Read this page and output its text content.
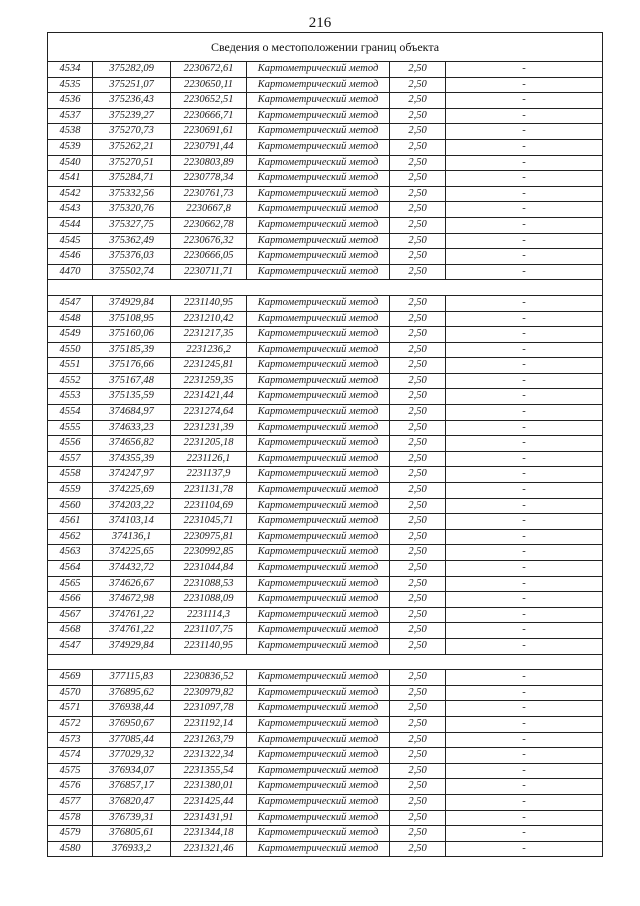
216
Сведения о местоположении границ объекта					
4534	375282,09	2230672,61	Картометрический метод	2,50	-
4535	375251,07	2230650,11	Картометрический метод	2,50	-
4536	375236,43	2230652,51	Картометрический метод	2,50	-
4537	375239,27	2230666,71	Картометрический метод	2,50	-
4538	375270,73	2230691,61	Картометрический метод	2,50	-
4539	375262,21	2230791,44	Картометрический метод	2,50	-
4540	375270,51	2230803,89	Картометрический метод	2,50	-
4541	375284,71	2230778,34	Картометрический метод	2,50	-
4542	375332,56	2230761,73	Картометрический метод	2,50	-
4543	375320,76	2230667,8	Картометрический метод	2,50	-
4544	375327,75	2230662,78	Картометрический метод	2,50	-
4545	375362,49	2230676,32	Картометрический метод	2,50	-
4546	375376,03	2230666,05	Картометрический метод	2,50	-
4470	375502,74	2230711,71	Картометрический метод	2,50	-

4547	374929,84	2231140,95	Картометрический метод	2,50	-
4548	375108,95	2231210,42	Картометрический метод	2,50	-
4549	375160,06	2231217,35	Картометрический метод	2,50	-
4550	375185,39	2231236,2	Картометрический метод	2,50	-
4551	375176,66	2231245,81	Картометрический метод	2,50	-
4552	375167,48	2231259,35	Картометрический метод	2,50	-
4553	375135,59	2231421,44	Картометрический метод	2,50	-
4554	374684,97	2231274,64	Картометрический метод	2,50	-
4555	374633,23	2231231,39	Картометрический метод	2,50	-
4556	374656,82	2231205,18	Картометрический метод	2,50	-
4557	374355,39	2231126,1	Картометрический метод	2,50	-
4558	374247,97	2231137,9	Картометрический метод	2,50	-
4559	374225,69	2231131,78	Картометрический метод	2,50	-
4560	374203,22	2231104,69	Картометрический метод	2,50	-
4561	374103,14	2231045,71	Картометрический метод	2,50	-
4562	374136,1	2230975,81	Картометрический метод	2,50	-
4563	374225,65	2230992,85	Картометрический метод	2,50	-
4564	374432,72	2231044,84	Картометрический метод	2,50	-
4565	374626,67	2231088,53	Картометрический метод	2,50	-
4566	374672,98	2231088,09	Картометрический метод	2,50	-
4567	374761,22	2231114,3	Картометрический метод	2,50	-
4568	374761,22	2231107,75	Картометрический метод	2,50	-
4547	374929,84	2231140,95	Картометрический метод	2,50	-

4569	377115,83	2230836,52	Картометрический метод	2,50	-
4570	376895,62	2230979,82	Картометрический метод	2,50	-
4571	376938,44	2231097,78	Картометрический метод	2,50	-
4572	376950,67	2231192,14	Картометрический метод	2,50	-
4573	377085,44	2231263,79	Картометрический метод	2,50	-
4574	377029,32	2231322,34	Картометрический метод	2,50	-
4575	376934,07	2231355,54	Картометрический метод	2,50	-
4576	376857,17	2231380,01	Картометрический метод	2,50	-
4577	376820,47	2231425,44	Картометрический метод	2,50	-
4578	376739,31	2231431,91	Картометрический метод	2,50	-
4579	376805,61	2231344,18	Картометрический метод	2,50	-
4580	376933,2	2231321,46	Картометрический метод	2,50	-
